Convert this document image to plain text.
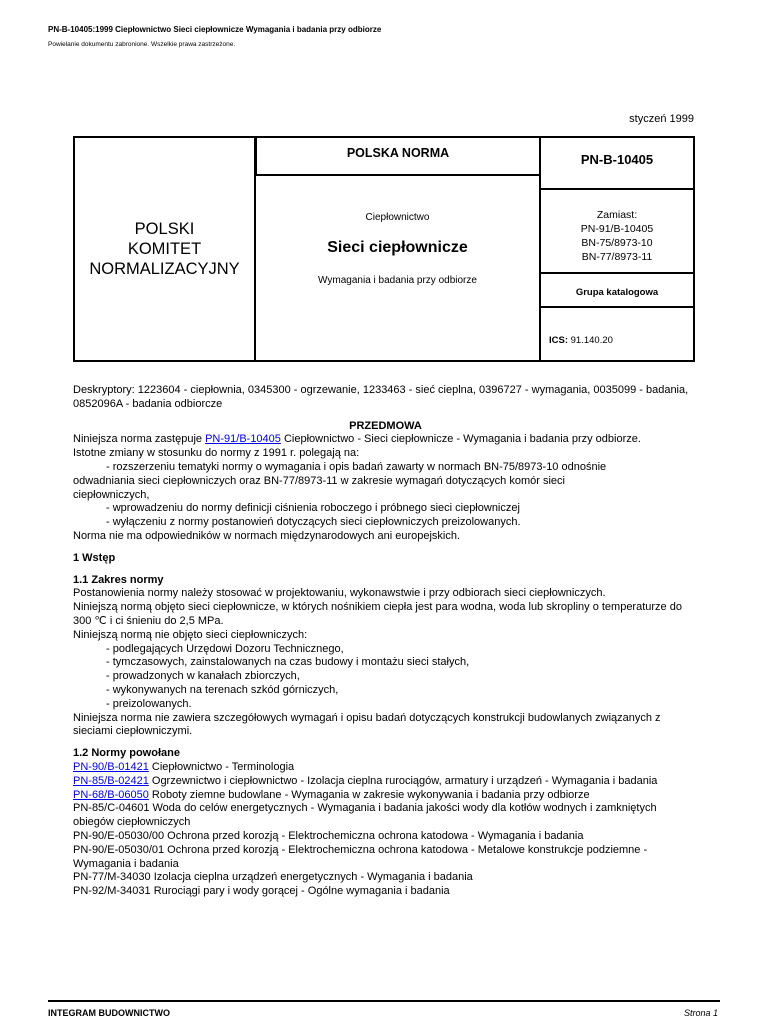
PN-B-10405:1999 Ciepłownictwo Sieci ciepłownicze Wymagania i badania przy odbiorze
Powielanie dokumentu zabronione. Wszelkie prawa zastrzeżone.
styczeń 1999
POLSKI
KOMITET
NORMALIZACYJNY
POLSKA NORMA
Ciepłownictwo
Sieci ciepłownicze
Wymagania i badania przy odbiorze
PN-B-10405
Zamiast:
PN-91/B-10405
BN-75/8973-10
BN-77/8973-11
Grupa katalogowa
ICS: 91.140.20

Deskryptory: 1223604 - ciepłownia, 0345300 - ogrzewanie, 1233463 - sieć cieplna, 0396727 - wymagania, 0035099 - badania, 0852096A - badania odbiorcze

PRZEDMOWA

Niniejsza norma zastępuje PN-91/B-10405 Ciepłownictwo - Sieci ciepłownicze - Wymagania i badania przy odbiorze.

Istotne zmiany w stosunku do normy z 1991 r. polegają na:

- rozszerzeniu tematyki normy o wymagania i opis badań zawarty w normach BN-75/8973-10 odnośnie

odwadniania sieci ciepłowniczych oraz BN-77/8973-11 w zakresie wymagań dotyczących komór sieci

ciepłowniczych,

- wprowadzeniu do normy definicji ciśnienia roboczego i próbnego sieci ciepłowniczej

- wyłączeniu z normy postanowień dotyczących sieci ciepłowniczych preizolowanych.

Norma nie ma odpowiedników w normach międzynarodowych ani europejskich.

1 Wstęp

1.1 Zakres normy

Postanowienia normy należy stosować w projektowaniu, wykonawstwie i przy odbiorach sieci ciepłowniczych.

Niniejszą normą objęto sieci ciepłownicze, w których nośnikiem ciepła jest para wodna, woda lub skropliny o temperaturze do 300 ℃ i ci śnieniu do 2,5 MPa.

Niniejszą normą nie objęto sieci ciepłowniczych:

- podlegających Urzędowi Dozoru Technicznego,

- tymczasowych, zainstalowanych na czas budowy i montażu sieci stałych,

- prowadzonych w kanałach zbiorczych,

- wykonywanych na terenach szkód górniczych,

- preizolowanych.

Niniejsza norma nie zawiera szczegółowych wymagań i opisu badań dotyczących konstrukcji budowlanych związanych z sieciami ciepłowniczymi.

1.2 Normy powołane

PN-90/B-01421 Ciepłownictwo - Terminologia

PN-85/B-02421 Ogrzewnictwo i ciepłownictwo - Izolacja cieplna rurociągów, armatury i urządzeń - Wymagania i badania

PN-68/B-06050 Roboty ziemne budowlane - Wymagania w zakresie wykonywania i badania przy odbiorze

PN-85/C-04601 Woda do celów energetycznych - Wymagania i badania jakości wody dla kotłów wodnych i zamkniętych obiegów ciepłowniczych

PN-90/E-05030/00 Ochrona przed korozją - Elektrochemiczna ochrona katodowa - Wymagania i badania

PN-90/E-05030/01 Ochrona przed korozją - Elektrochemiczna ochrona katodowa - Metalowe konstrukcje podziemne - Wymagania i badania

PN-77/M-34030 Izolacja cieplna urządzeń energetycznych - Wymagania i badania

PN-92/M-34031 Rurociągi pary i wody gorącej - Ogólne wymagania i badania

INTEGRAM BUDOWNICTWO	Strona 1
